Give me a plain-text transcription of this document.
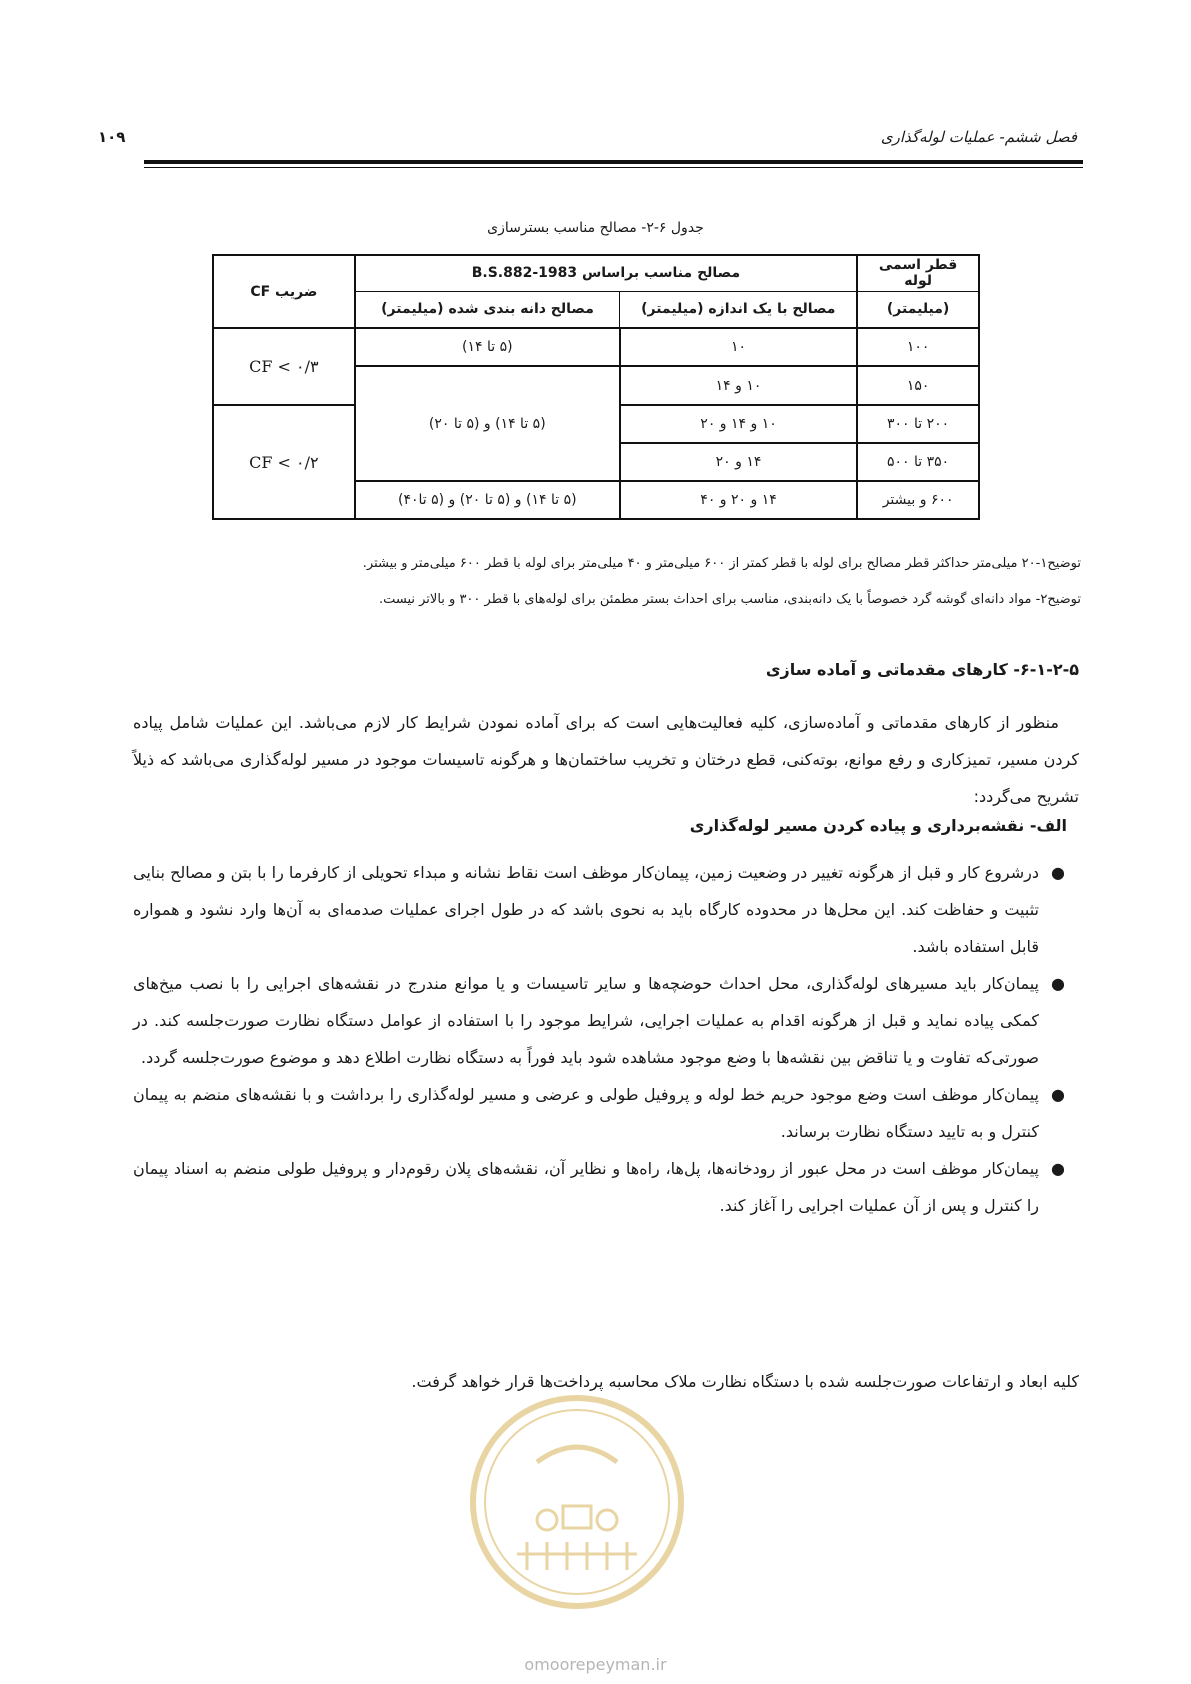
فصل ششم- عملیات لوله‌گذاری
۱۰۹
جدول ۶-۲- مصالح مناسب بسترسازی
قطر اسمی لوله	مصالح مناسب براساس B.S.882-1983		ضریب CF
(میلیمتر)	مصالح با یک اندازه (میلیمتر)	مصالح دانه بندی شده (میلیمتر)	
۱۰۰	۱۰	(۵ تا ۱۴)	CF < ۰/۳
۱۵۰	۱۰ و ۱۴	(۵ تا ۱۴) و (۵ تا ۲۰)	
۲۰۰ تا ۳۰۰	۱۰ و ۱۴ و ۲۰		CF < ۰/۲
۳۵۰ تا ۵۰۰	۱۴ و ۲۰		
۶۰۰ و بیشتر	۱۴ و ۲۰ و ۴۰	(۵ تا ۱۴) و (۵ تا ۲۰) و (۵ تا۴۰)	
توضیح۱-۲۰ میلی‌متر حداکثر قطر مصالح برای لوله با قطر کمتر از ۶۰۰ میلی‌متر و ۴۰ میلی‌متر برای لوله با قطر ۶۰۰ میلی‌متر و بیشتر.
توضیح۲- مواد دانه‌ای گوشه گرد خصوصاً با یک دانه‌بندی، مناسب برای احداث بستر مطمئن برای لوله‌های با قطر ۳۰۰ و بالاتر نیست.
۶-۱-۲-۵- کارهای مقدماتی و آماده سازی
منظور از کارهای مقدماتی و آماده‌سازی، کلیه فعالیت‌هایی است که برای آماده نمودن شرایط کار لازم می‌باشد. این عملیات شامل پیاده کردن مسیر، تمیزکاری و رفع موانع، بوته‌کنی، قطع درختان و تخریب ساختمان‌ها و هرگونه تاسیسات موجود در مسیر لوله‌گذاری می‌باشد که ذیلاً تشریح می‌گردد:
الف- نقشه‌برداری و پیاده کردن مسیر لوله‌گذاری
●
درشروع کار و قبل از هرگونه تغییر در وضعیت زمین، پیمان‌کار موظف است نقاط نشانه و مبداء تحویلی از کارفرما را با بتن و مصالح بنایی تثبیت و حفاظت کند. این محل‌ها در محدوده کارگاه باید به نحوی باشد که در طول اجرای عملیات صدمه‌ای به آن‌ها وارد نشود و همواره قابل استفاده باشد.
●
پیمان‌کار باید مسیرهای لوله‌گذاری، محل احداث حوضچه‌ها و سایر تاسیسات و یا موانع مندرج در نقشه‌های اجرایی را با نصب میخ‌های کمکی پیاده نماید و قبل از هرگونه اقدام به عملیات اجرایی، شرایط موجود را با استفاده از عوامل دستگاه نظارت صورت‌جلسه کند. در صورتی‌که تفاوت و یا تناقض بین نقشه‌ها با وضع موجود مشاهده شود باید فوراً به دستگاه نظارت اطلاع دهد و موضوع صورت‌جلسه گردد.
●
پیمان‌کار موظف است وضع موجود حریم خط لوله و پروفیل طولی و عرضی و مسیر لوله‌گذاری را برداشت و با نقشه‌های منضم به پیمان کنترل و به تایید دستگاه نظارت برساند.
●
پیمان‌کار موظف است در محل عبور از رودخانه‌ها، پل‌ها، راه‌ها و نظایر آن، نقشه‌های پلان رقوم‌دار و پروفیل طولی منضم به اسناد پیمان را کنترل و پس از آن عملیات اجرایی را آغاز کند.
کلیه ابعاد و ارتفاعات صورت‌جلسه شده با دستگاه نظارت ملاک محاسبه پرداخت‌ها قرار خواهد گرفت.
omoorepeyman.ir
